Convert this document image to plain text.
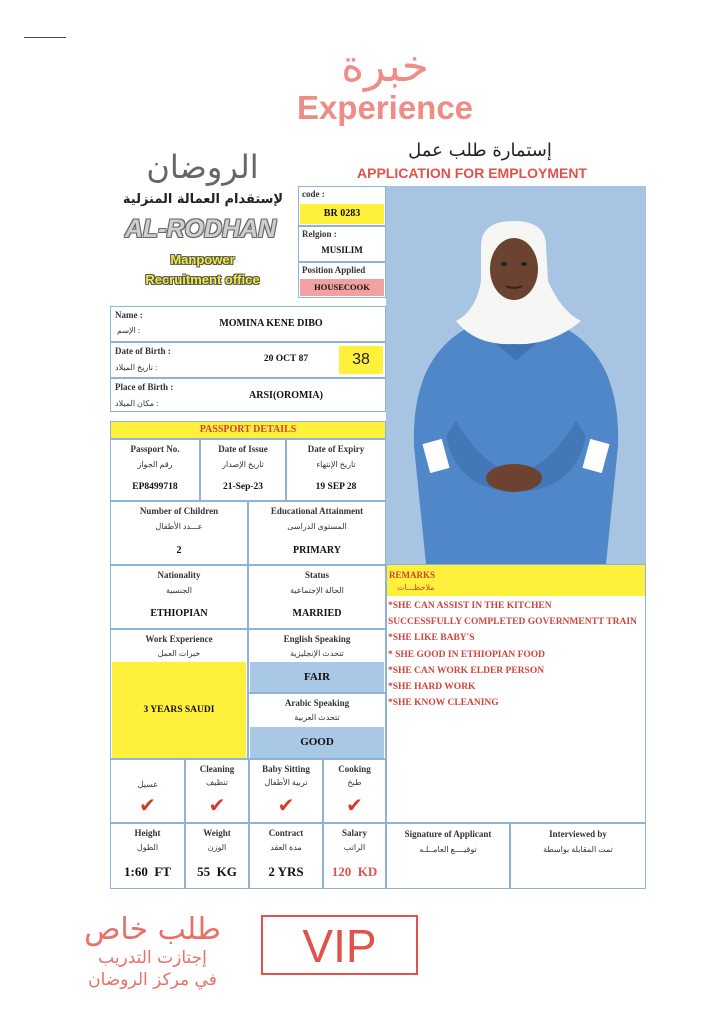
خبرة
Experience
إستمارة طلب عمل
APPLICATION FOR EMPLOYMENT
الروضان
لإستقدام العمالة المنزلية
AL-RODHAN
Manpower
Recruitment office
code :
BR 0283
Relgion :
MUSILIM
Position Applied
HOUSECOOK
Name :
الإسم :
MOMINA KENE DIBO
Date of Birth :
تاريخ الميلاد :
20 OCT 87	38
Place of Birth :
مكان الميلاد :
ARSI(OROMIA)
PASSPORT DETAILS
Passport No.
رقم الجواز
EP8499718
Date of Issue
تاريخ الإصدار
21-Sep-23
Date of Expiry
تاريخ الإنتهاء
19 SEP 28
Number of Children
عـــدد الأطفال
2
Educational Attainment
المستوى الدراسى
PRIMARY
Nationality
الجنسية
ETHIOPIAN
Status
الحالة الإجتماعية
MARRIED
Work Experience
خبرات العمل
3 YEARS SAUDI
English Speaking
تتحدث الإنجليزية
FAIR
Arabic Speaking
تتحدث العربية
GOOD
غسيل
✔
Cleaning
تنظيف
✔
Baby Sitting
تربية الأطفال
✔
Cooking
طبخ
✔
Height
الطول
1:60  FT
Weight
الوزن
55  KG
Contract
مدة العقد
2 YRS
Salary
الراتب
120  KD
Signature of Applicant
توقيــــع العامــلـه
Interviewed by
تمت المقابلة بواسطة
REMARKS
ملاحظـــات
*SHE CAN ASSIST IN THE KITCHEN
SUCCESSFULLY COMPLETED GOVERNMENTT TRAIN
*SHE LIKE BABY'S
* SHE GOOD IN ETHIOPIAN FOOD
*SHE CAN WORK ELDER PERSON
*SHE HARD WORK
*SHE KNOW CLEANING
طلب خاص
إجتازت التدريب
في مركز الروضان
VIP
